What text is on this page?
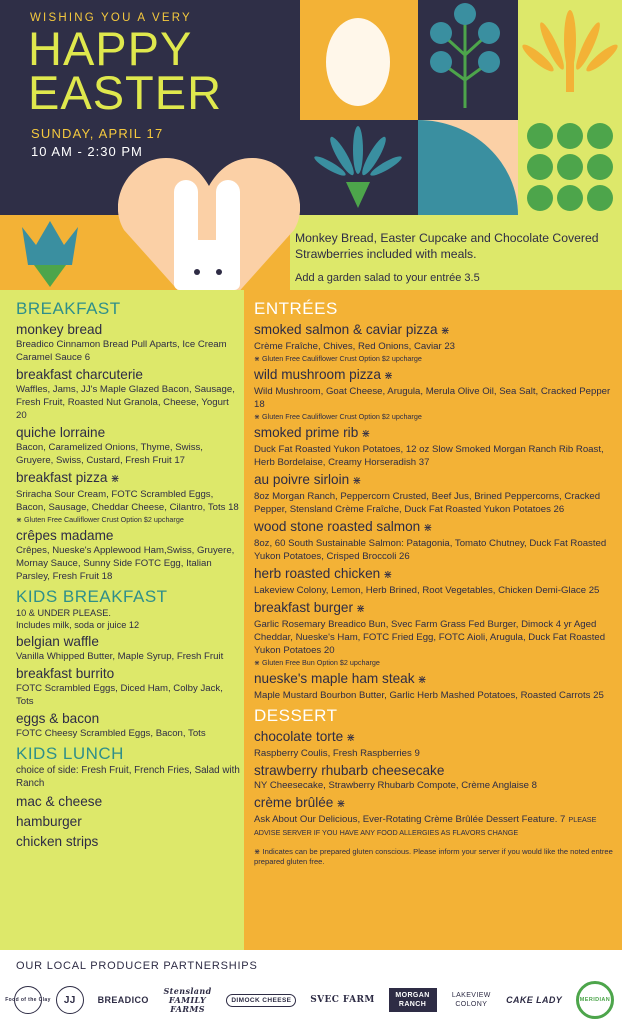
WISHING YOU A VERY
HAPPY
EASTER
SUNDAY, APRIL 17
10 AM - 2:30 PM
Monkey Bread, Easter Cupcake and Chocolate Covered Strawberries included with meals.
Add a garden salad to your entrée 3.5
BREAKFAST
monkey bread
Breadico Cinnamon Bread Pull Aparts, Ice Cream Caramel Sauce 6
breakfast charcuterie
Waffles, Jams, JJ's Maple Glazed Bacon, Sausage, Fresh Fruit, Roasted Nut Granola, Cheese, Yogurt 20
quiche lorraine
Bacon, Caramelized Onions, Thyme, Swiss, Gruyere, Swiss, Custard, Fresh Fruit 17
breakfast pizza ⋇
Sriracha Sour Cream, FOTC Scrambled Eggs, Bacon, Sausage, Cheddar Cheese, Cilantro, Tots 18
⋇ Gluten Free Cauliflower Crust Option $2 upcharge
crêpes madame
Crêpes, Nueske's Applewood Ham,Swiss, Gruyere, Mornay Sauce, Sunny Side FOTC Egg, Italian Parsley, Fresh Fruit 18
KIDS BREAKFAST
10 & UNDER PLEASE.
Includes milk, soda or juice 12
belgian waffle
Vanilla Whipped Butter, Maple Syrup, Fresh Fruit
breakfast burrito
FOTC Scrambled Eggs, Diced Ham, Colby Jack, Tots
eggs & bacon
FOTC Cheesy Scrambled Eggs, Bacon, Tots
KIDS LUNCH
choice of side: Fresh Fruit, French Fries, Salad with Ranch
mac & cheese
hamburger
chicken strips
ENTRÉES
smoked salmon & caviar pizza ⋇
Crème Fraîche, Chives, Red Onions, Caviar 23
⋇ Gluten Free Cauliflower Crust Option $2 upcharge
wild mushroom pizza ⋇
Wild Mushroom, Goat Cheese, Arugula, Merula Olive Oil, Sea Salt, Cracked Pepper 18
⋇ Gluten Free Cauliflower Crust Option $2 upcharge
smoked prime rib ⋇
Duck Fat Roasted Yukon Potatoes, 12 oz Slow Smoked Morgan Ranch Rib Roast, Herb Bordelaise, Creamy Horseradish 37
au poivre sirloin ⋇
8oz Morgan Ranch, Peppercorn Crusted, Beef Jus, Brined Peppercorns, Cracked Pepper, Stensland Crème Fraîche, Duck Fat Roasted Yukon Potatoes 26
wood stone roasted salmon ⋇
8oz, 60 South Sustainable Salmon: Patagonia, Tomato Chutney, Duck Fat Roasted Yukon Potatoes, Crisped Broccoli 26
herb roasted chicken ⋇
Lakeview Colony, Lemon, Herb Brined, Root Vegetables, Chicken Demi-Glace 25
breakfast burger ⋇
Garlic Rosemary Breadico Bun, Svec Farm Grass Fed Burger, Dimock 4 yr Aged Cheddar, Nueske's Ham, FOTC Fried Egg, FOTC Aioli, Arugula, Duck Fat Roasted Yukon Potatoes 20
⋇ Gluten Free Bun Option $2 upcharge
nueske's maple ham steak ⋇
Maple Mustard Bourbon Butter, Garlic Herb Mashed Potatoes, Roasted Carrots 25
DESSERT
chocolate torte ⋇
Raspberry Coulis, Fresh Raspberries 9
strawberry rhubarb cheesecake
NY Cheesecake, Strawberry Rhubarb Compote, Crème Anglaise 8
crème brûlée ⋇
Ask About Our Delicious, Ever-Rotating Crème Brûlée Dessert Feature. 7 PLEASE ADVISE SERVER IF YOU HAVE ANY FOOD ALLERGIES AS FLAVORS CHANGE
⋇ Indicates can be prepared gluten conscious. Please inform your server if you would like the noted entree prepared gluten free.
OUR LOCAL PRODUCER PARTNERSHIPS
Food of the Clay	JJ	BREADICO
Stensland FAMILY FARMS
DIMOCK CHEESE	SVEC FARM	MORGAN RANCH
LAKEVIEW COLONY	CAKE LADY	MERIDIAN
